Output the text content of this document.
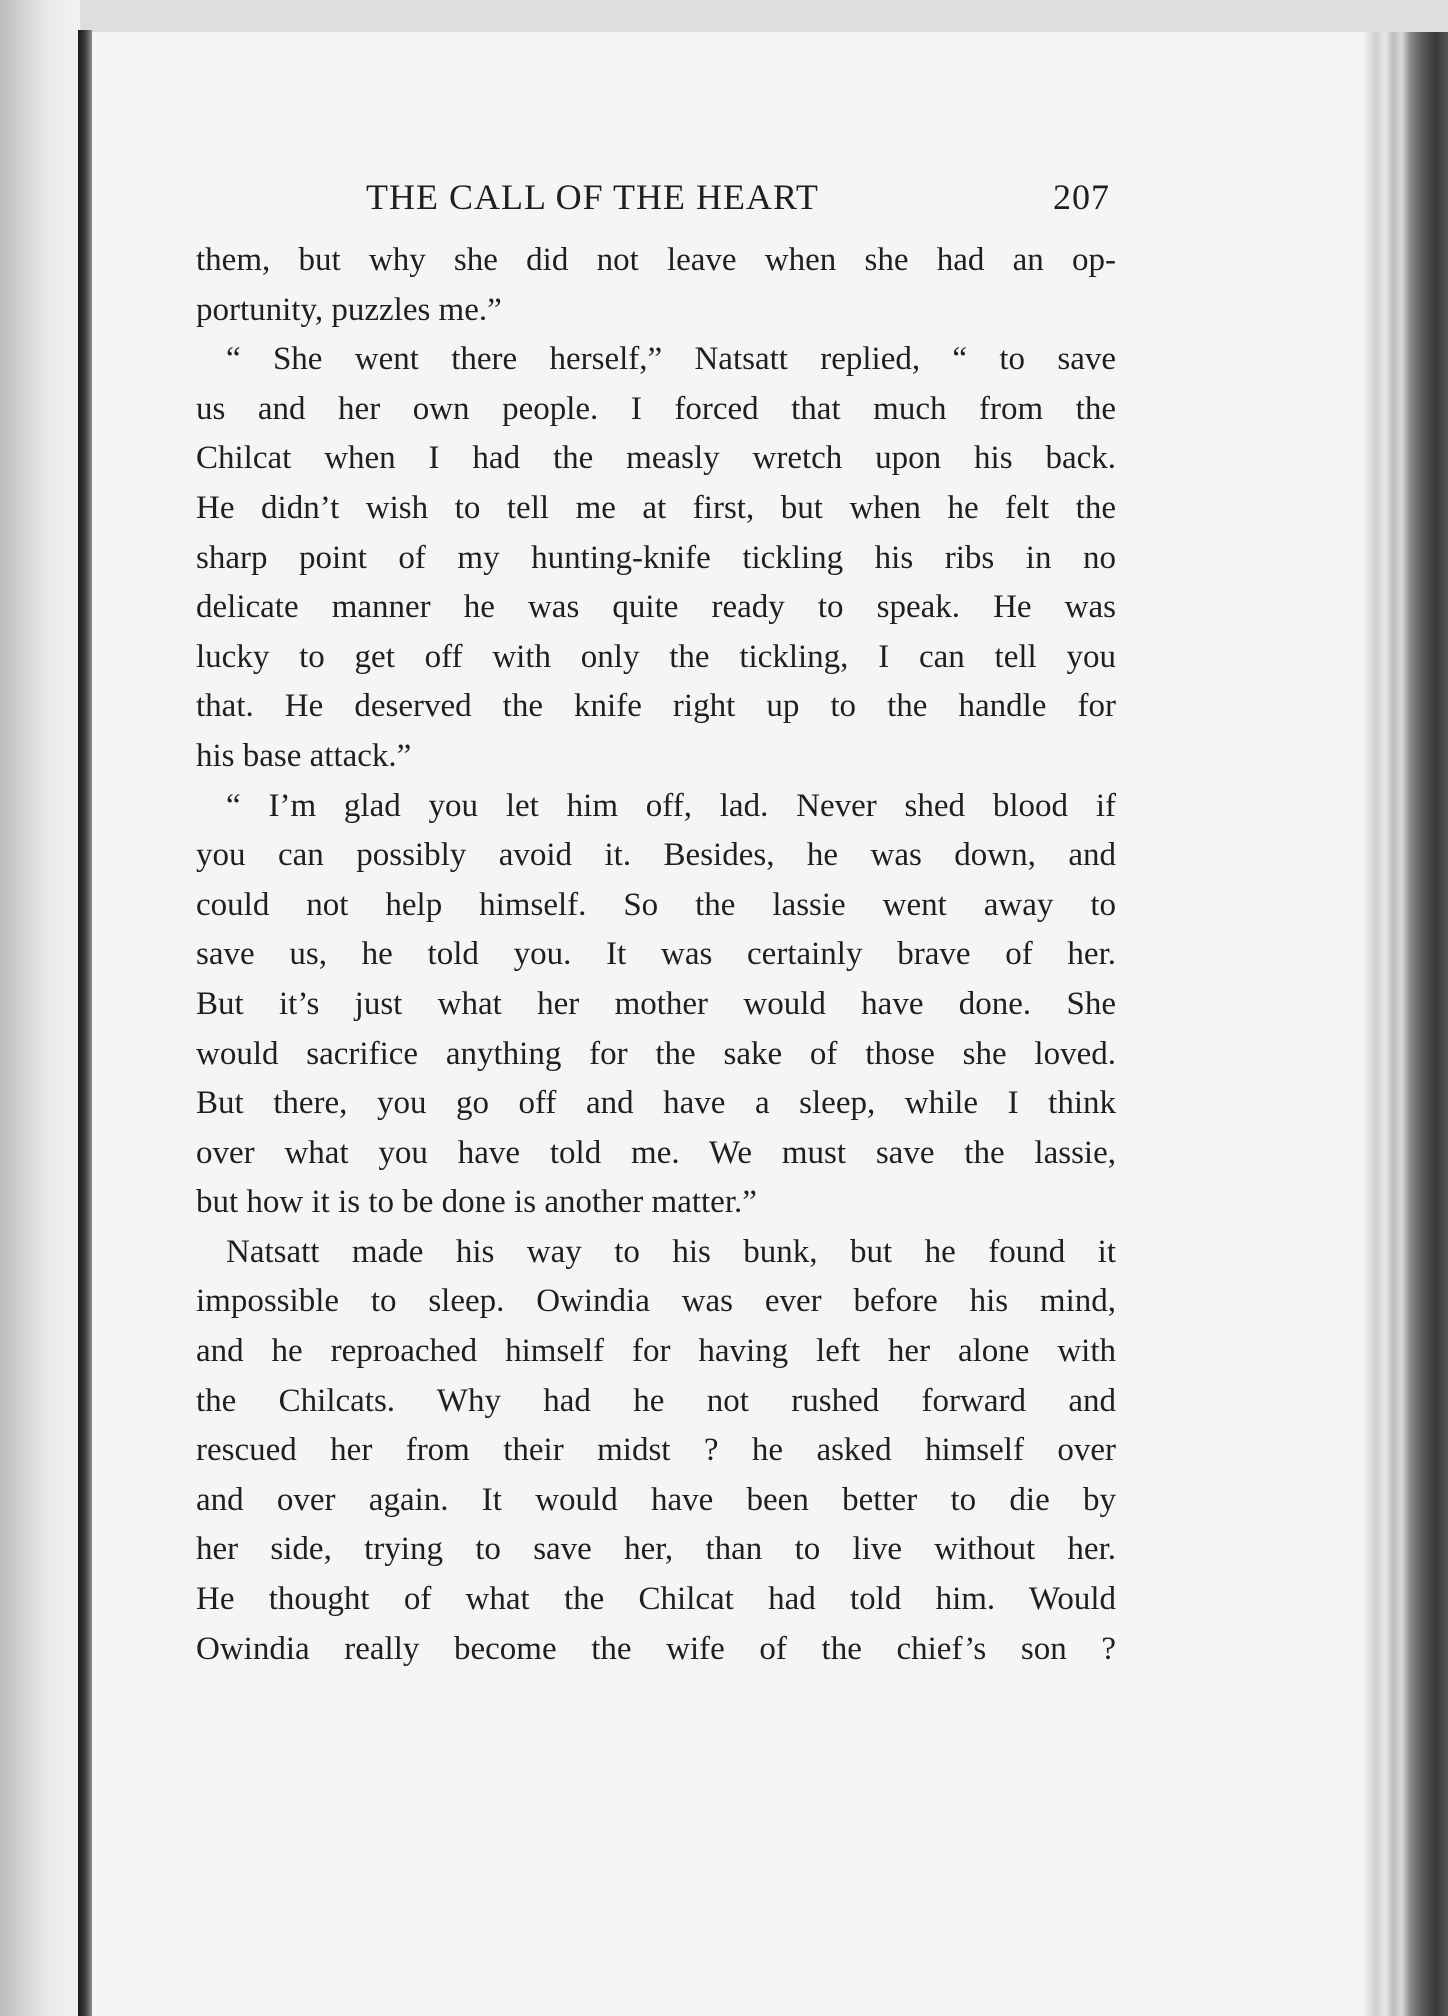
THE CALL OF THE HEART	207
them, but why she did not leave when she had an op-
portunity, puzzles me.”
“ She went there herself,” Natsatt replied, “ to save
us and her own people. I forced that much from the
Chilcat when I had the measly wretch upon his back.
He didn’t wish to tell me at first, but when he felt the
sharp point of my hunting-knife tickling his ribs in no
delicate manner he was quite ready to speak. He was
lucky to get off with only the tickling, I can tell you
that. He deserved the knife right up to the handle for
his base attack.”
“ I’m glad you let him off, lad. Never shed blood if
you can possibly avoid it. Besides, he was down, and
could not help himself. So the lassie went away to
save us, he told you. It was certainly brave of her.
But it’s just what her mother would have done. She
would sacrifice anything for the sake of those she loved.
But there, you go off and have a sleep, while I think
over what you have told me. We must save the lassie,
but how it is to be done is another matter.”
Natsatt made his way to his bunk, but he found it
impossible to sleep. Owindia was ever before his mind,
and he reproached himself for having left her alone with
the Chilcats. Why had he not rushed forward and
rescued her from their midst ? he asked himself over
and over again. It would have been better to die by
her side, trying to save her, than to live without her.
He thought of what the Chilcat had told him. Would
Owindia really become the wife of the chief’s son ?
